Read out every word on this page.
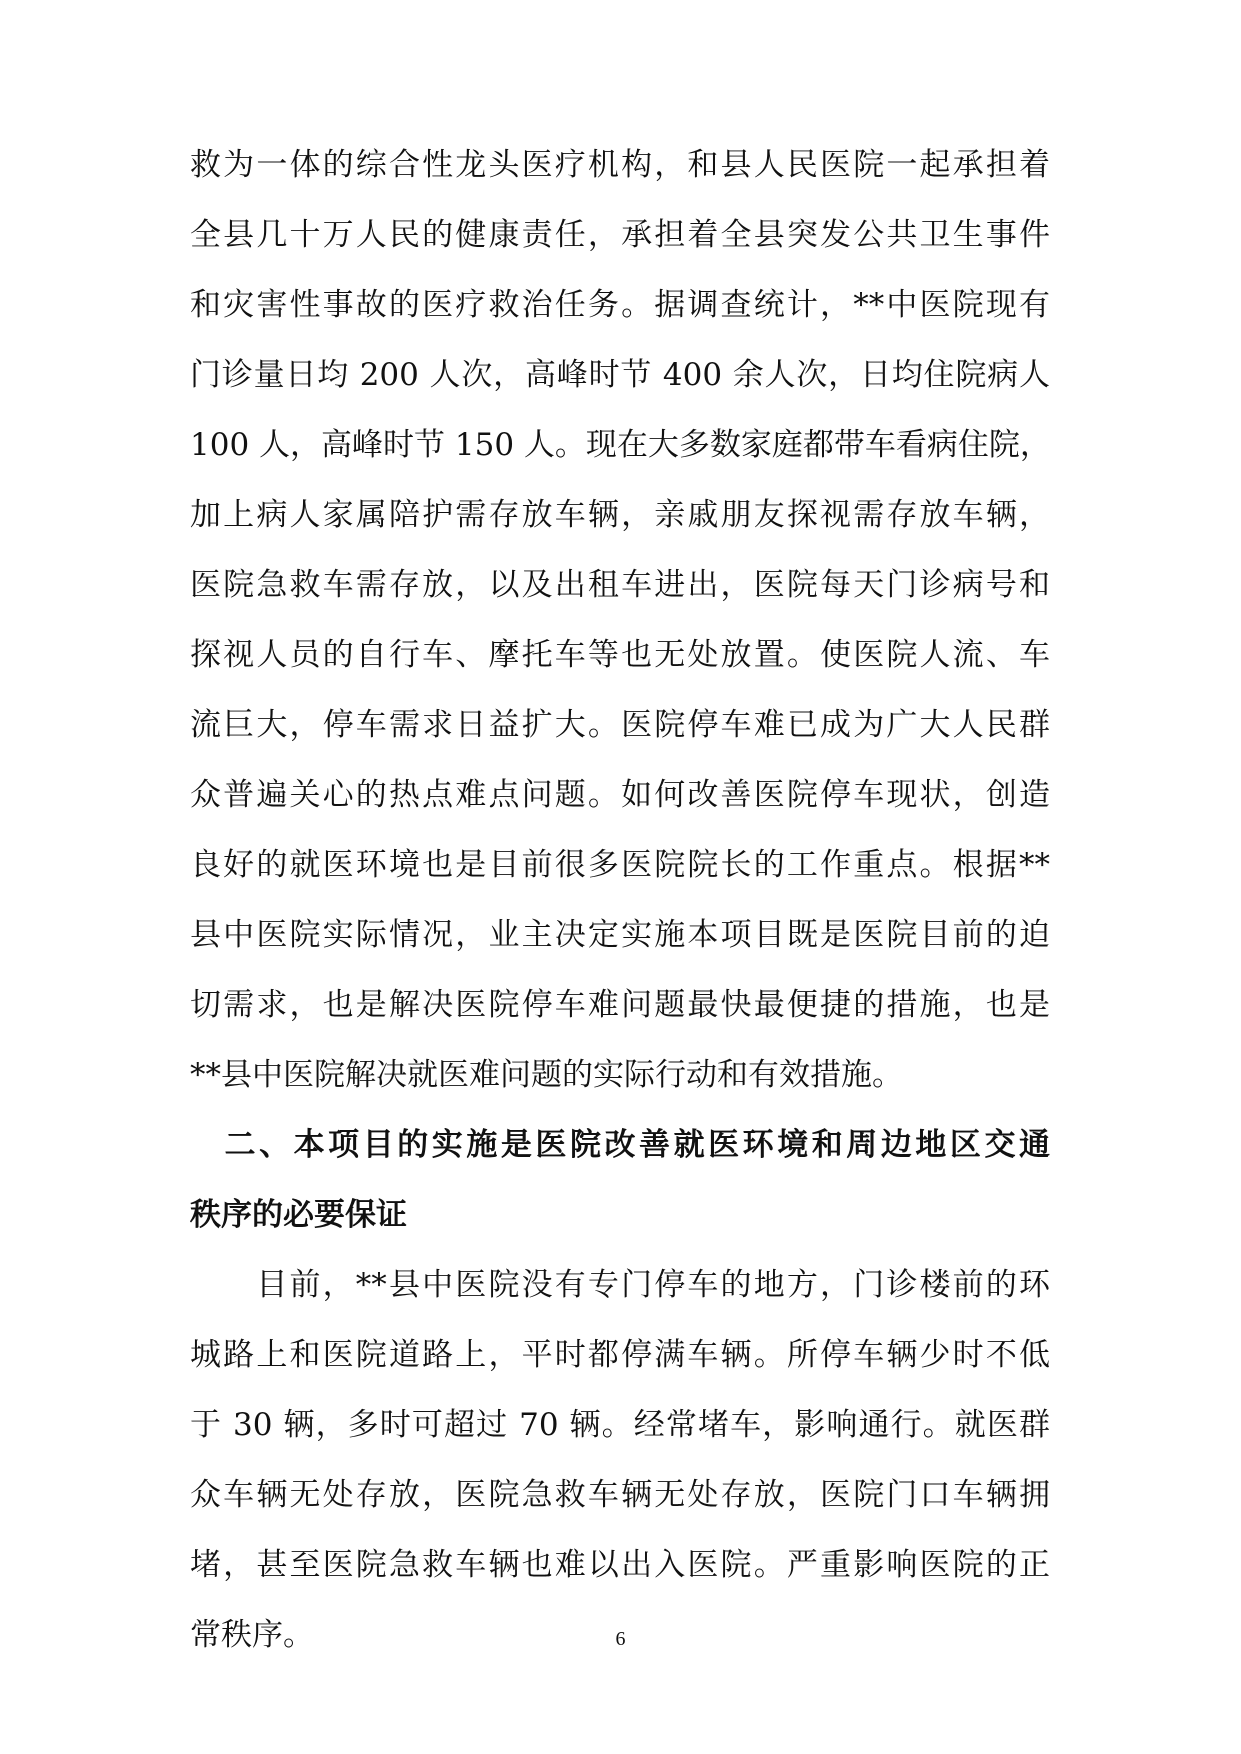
救为一体的综合性龙头医疗机构，和县人民医院一起承担着
全县几十万人民的健康责任，承担着全县突发公共卫生事件
和灾害性事故的医疗救治任务。据调查统计，**中医院现有
门诊量日均 200 人次，高峰时节 400 余人次，日均住院病人
100 人，高峰时节 150 人。现在大多数家庭都带车看病住院，
加上病人家属陪护需存放车辆，亲戚朋友探视需存放车辆，
医院急救车需存放，以及出租车进出，医院每天门诊病号和
探视人员的自行车、摩托车等也无处放置。使医院人流、车
流巨大，停车需求日益扩大。医院停车难已成为广大人民群
众普遍关心的热点难点问题。如何改善医院停车现状，创造
良好的就医环境也是目前很多医院院长的工作重点。根据**
县中医院实际情况，业主决定实施本项目既是医院目前的迫
切需求，也是解决医院停车难问题最快最便捷的措施，也是
**县中医院解决就医难问题的实际行动和有效措施。
　二、本项目的实施是医院改善就医环境和周边地区交通
秩序的必要保证
　　目前，**县中医院没有专门停车的地方，门诊楼前的环
城路上和医院道路上，平时都停满车辆。所停车辆少时不低
于 30 辆，多时可超过 70 辆。经常堵车，影响通行。就医群
众车辆无处存放，医院急救车辆无处存放，医院门口车辆拥
堵，甚至医院急救车辆也难以出入医院。严重影响医院的正
常秩序。	6
